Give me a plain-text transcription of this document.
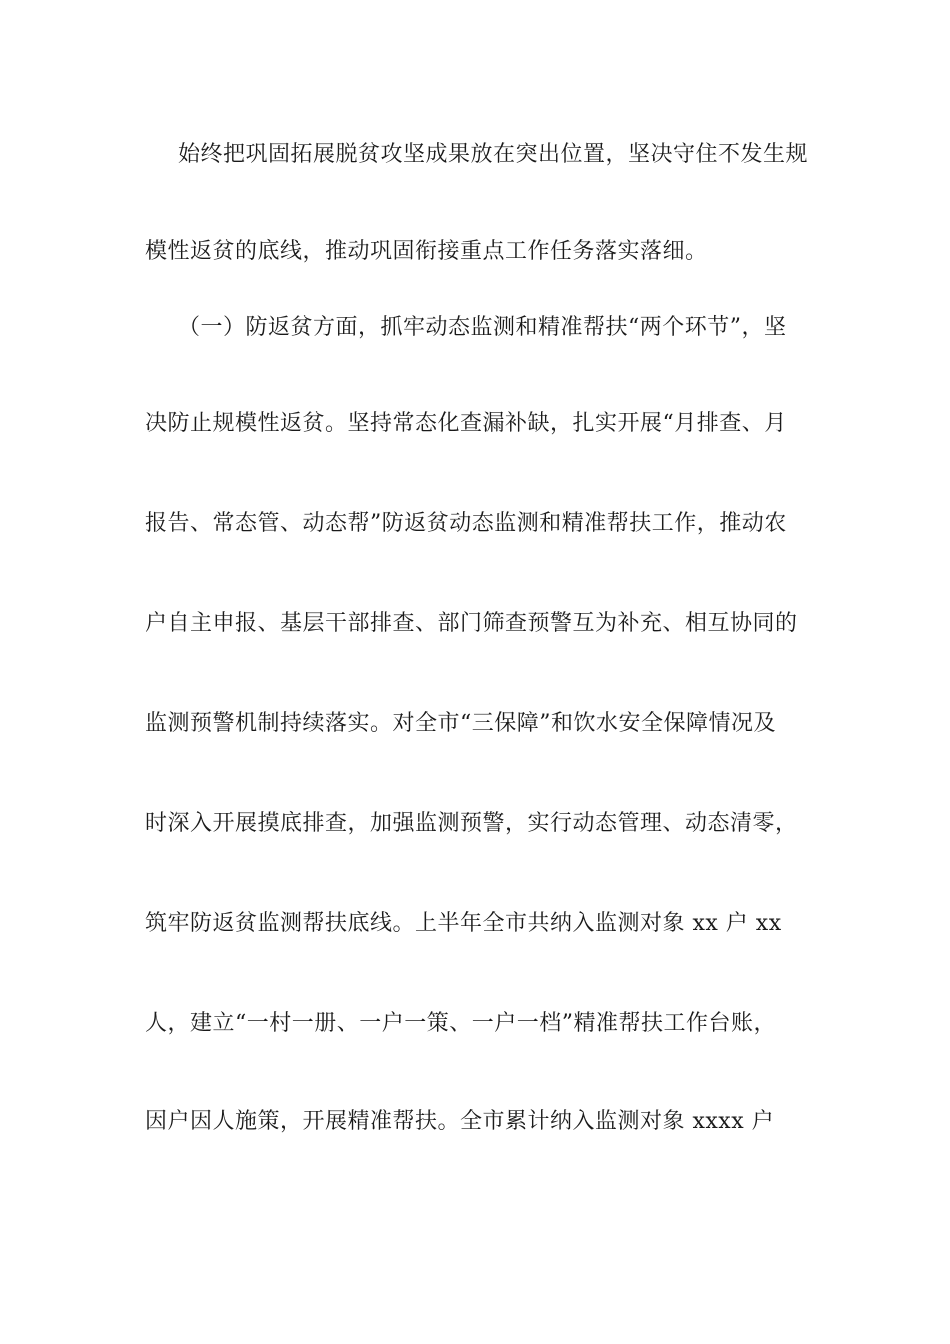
始终把巩固拓展脱贫攻坚成果放在突出位置，坚决守住不发生规
模性返贫的底线，推动巩固衔接重点工作任务落实落细。
（一）防返贫方面，抓牢动态监测和精准帮扶“两个环节”，坚
决防止规模性返贫。坚持常态化查漏补缺，扎实开展“月排查、月
报告、常态管、动态帮”防返贫动态监测和精准帮扶工作，推动农
户自主申报、基层干部排查、部门筛查预警互为补充、相互协同的
监测预警机制持续落实。对全市“三保障”和饮水安全保障情况及
时深入开展摸底排查，加强监测预警，实行动态管理、动态清零，
筑牢防返贫监测帮扶底线。上半年全市共纳入监测对象 xx 户 xx
人，建立“一村一册、一户一策、一户一档”精准帮扶工作台账，
因户因人施策，开展精准帮扶。全市累计纳入监测对象 xxxx 户
